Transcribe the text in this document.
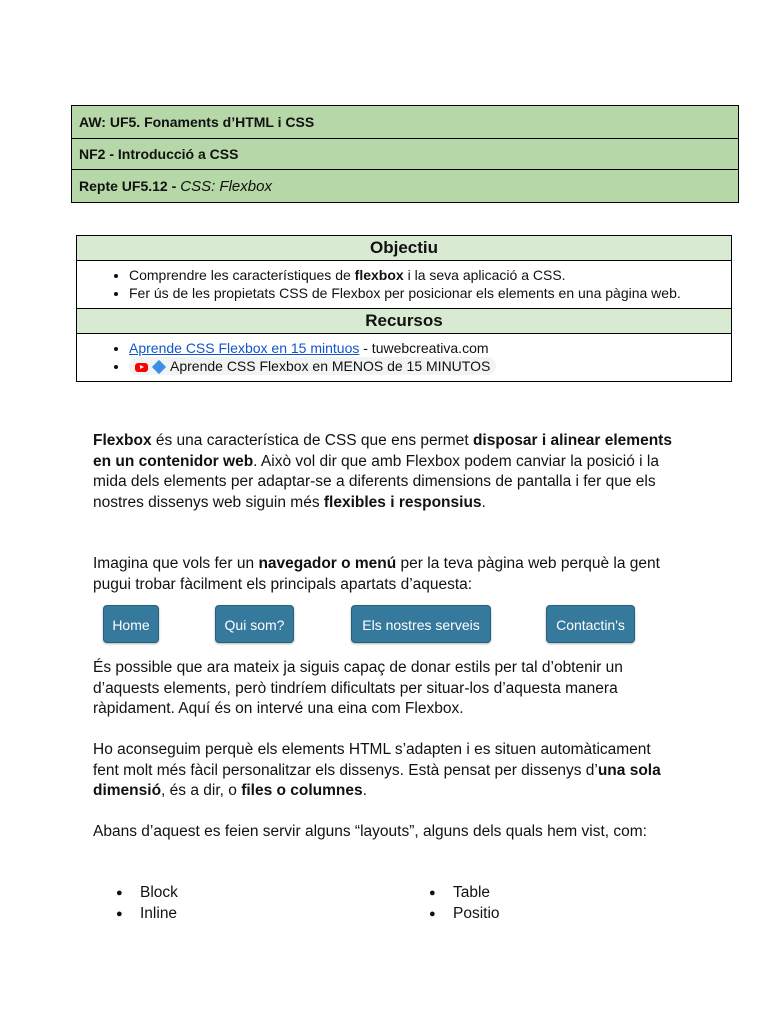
AW: UF5. Fonaments d’HTML i CSS
NF2 - Introducció a CSS
Repte UF5.12 - CSS: Flexbox
Objectiu
• Comprendre les característiques de flexbox i la seva aplicació a CSS.
• Fer ús de les propietats CSS de Flexbox per posicionar els elements en una pàgina web.
Recursos
• Aprende CSS Flexbox en 15 mintuos - tuwebcreativa.com
• Aprende CSS Flexbox en MENOS de 15 MINUTOS

Flexbox és una característica de CSS que ens permet disposar i alinear elements en un contenidor web. Això vol dir que amb Flexbox podem canviar la posició i la mida dels elements per adaptar-se a diferents dimensions de pantalla i fer que els nostres dissenys web siguin més flexibles i responsius.

Imagina que vols fer un navegador o menú per la teva pàgina web perquè la gent pugui trobar fàcilment els principals apartats d’aquesta:

Home	Qui som?	Els nostres serveis	Contactin's

És possible que ara mateix ja siguis capaç de donar estils per tal d’obtenir un d’aquests elements, però tindríem dificultats per situar-los d’aquesta manera ràpidament. Aquí és on intervé una eina com Flexbox.

Ho aconseguim perquè els elements HTML s’adapten i es situen automàticament fent molt més fàcil personalitzar els dissenys. Està pensat per dissenys d’una sola dimensió, és a dir, o files o columnes.

Abans d’aquest es feien servir alguns “layouts”, alguns dels quals hem vist, com:

● Block
● Inline
● Table
● Positio
